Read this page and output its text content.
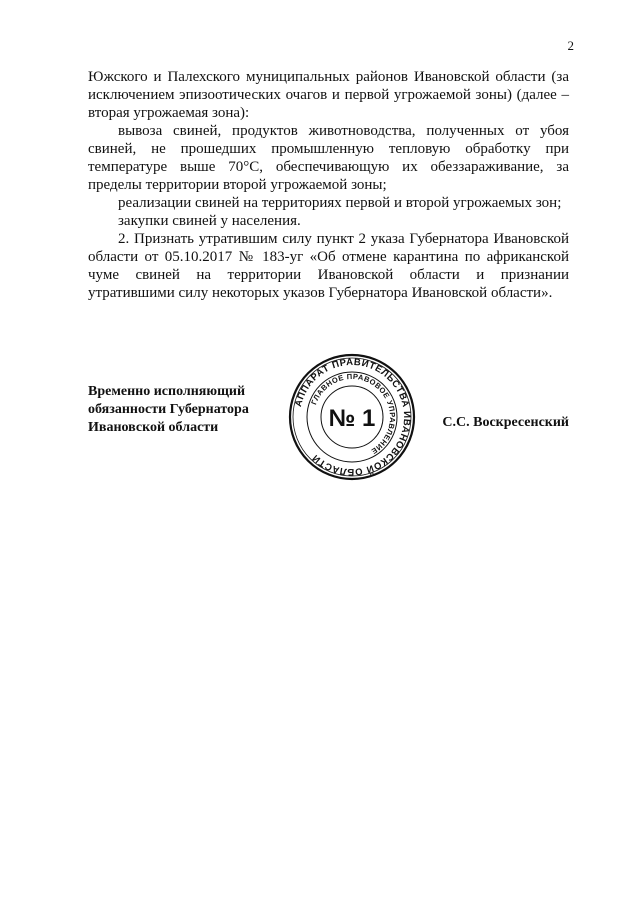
2

Южского и Палехского муниципальных районов Ивановской области (за исключением эпизоотических очагов и первой угрожаемой зоны) (далее – вторая угрожаемая зона):

вывоза свиней, продуктов животноводства, полученных от убоя свиней, не прошедших промышленную тепловую обработку при температуре выше 70°С, обеспечивающую их обеззараживание, за пределы территории второй угрожаемой зоны;

реализации свиней на территориях первой и второй угрожаемых зон;

закупки свиней у населения.

2. Признать утратившим силу пункт 2 указа Губернатора Ивановской области от 05.10.2017 № 183-уг «Об отмене карантина по африканской чуме свиней на территории Ивановской области и признании утратившими силу некоторых указов Губернатора Ивановской области».

Временно исполняющий
обязанности Губернатора
Ивановской области
АППАРАТ ПРАВИТЕЛЬСТВА ИВАНОВСКОЙ ОБЛАСТИ
ГЛАВНОЕ ПРАВОВОЕ УПРАВЛЕНИЕ
№ 1	С.С. Воскресенский
